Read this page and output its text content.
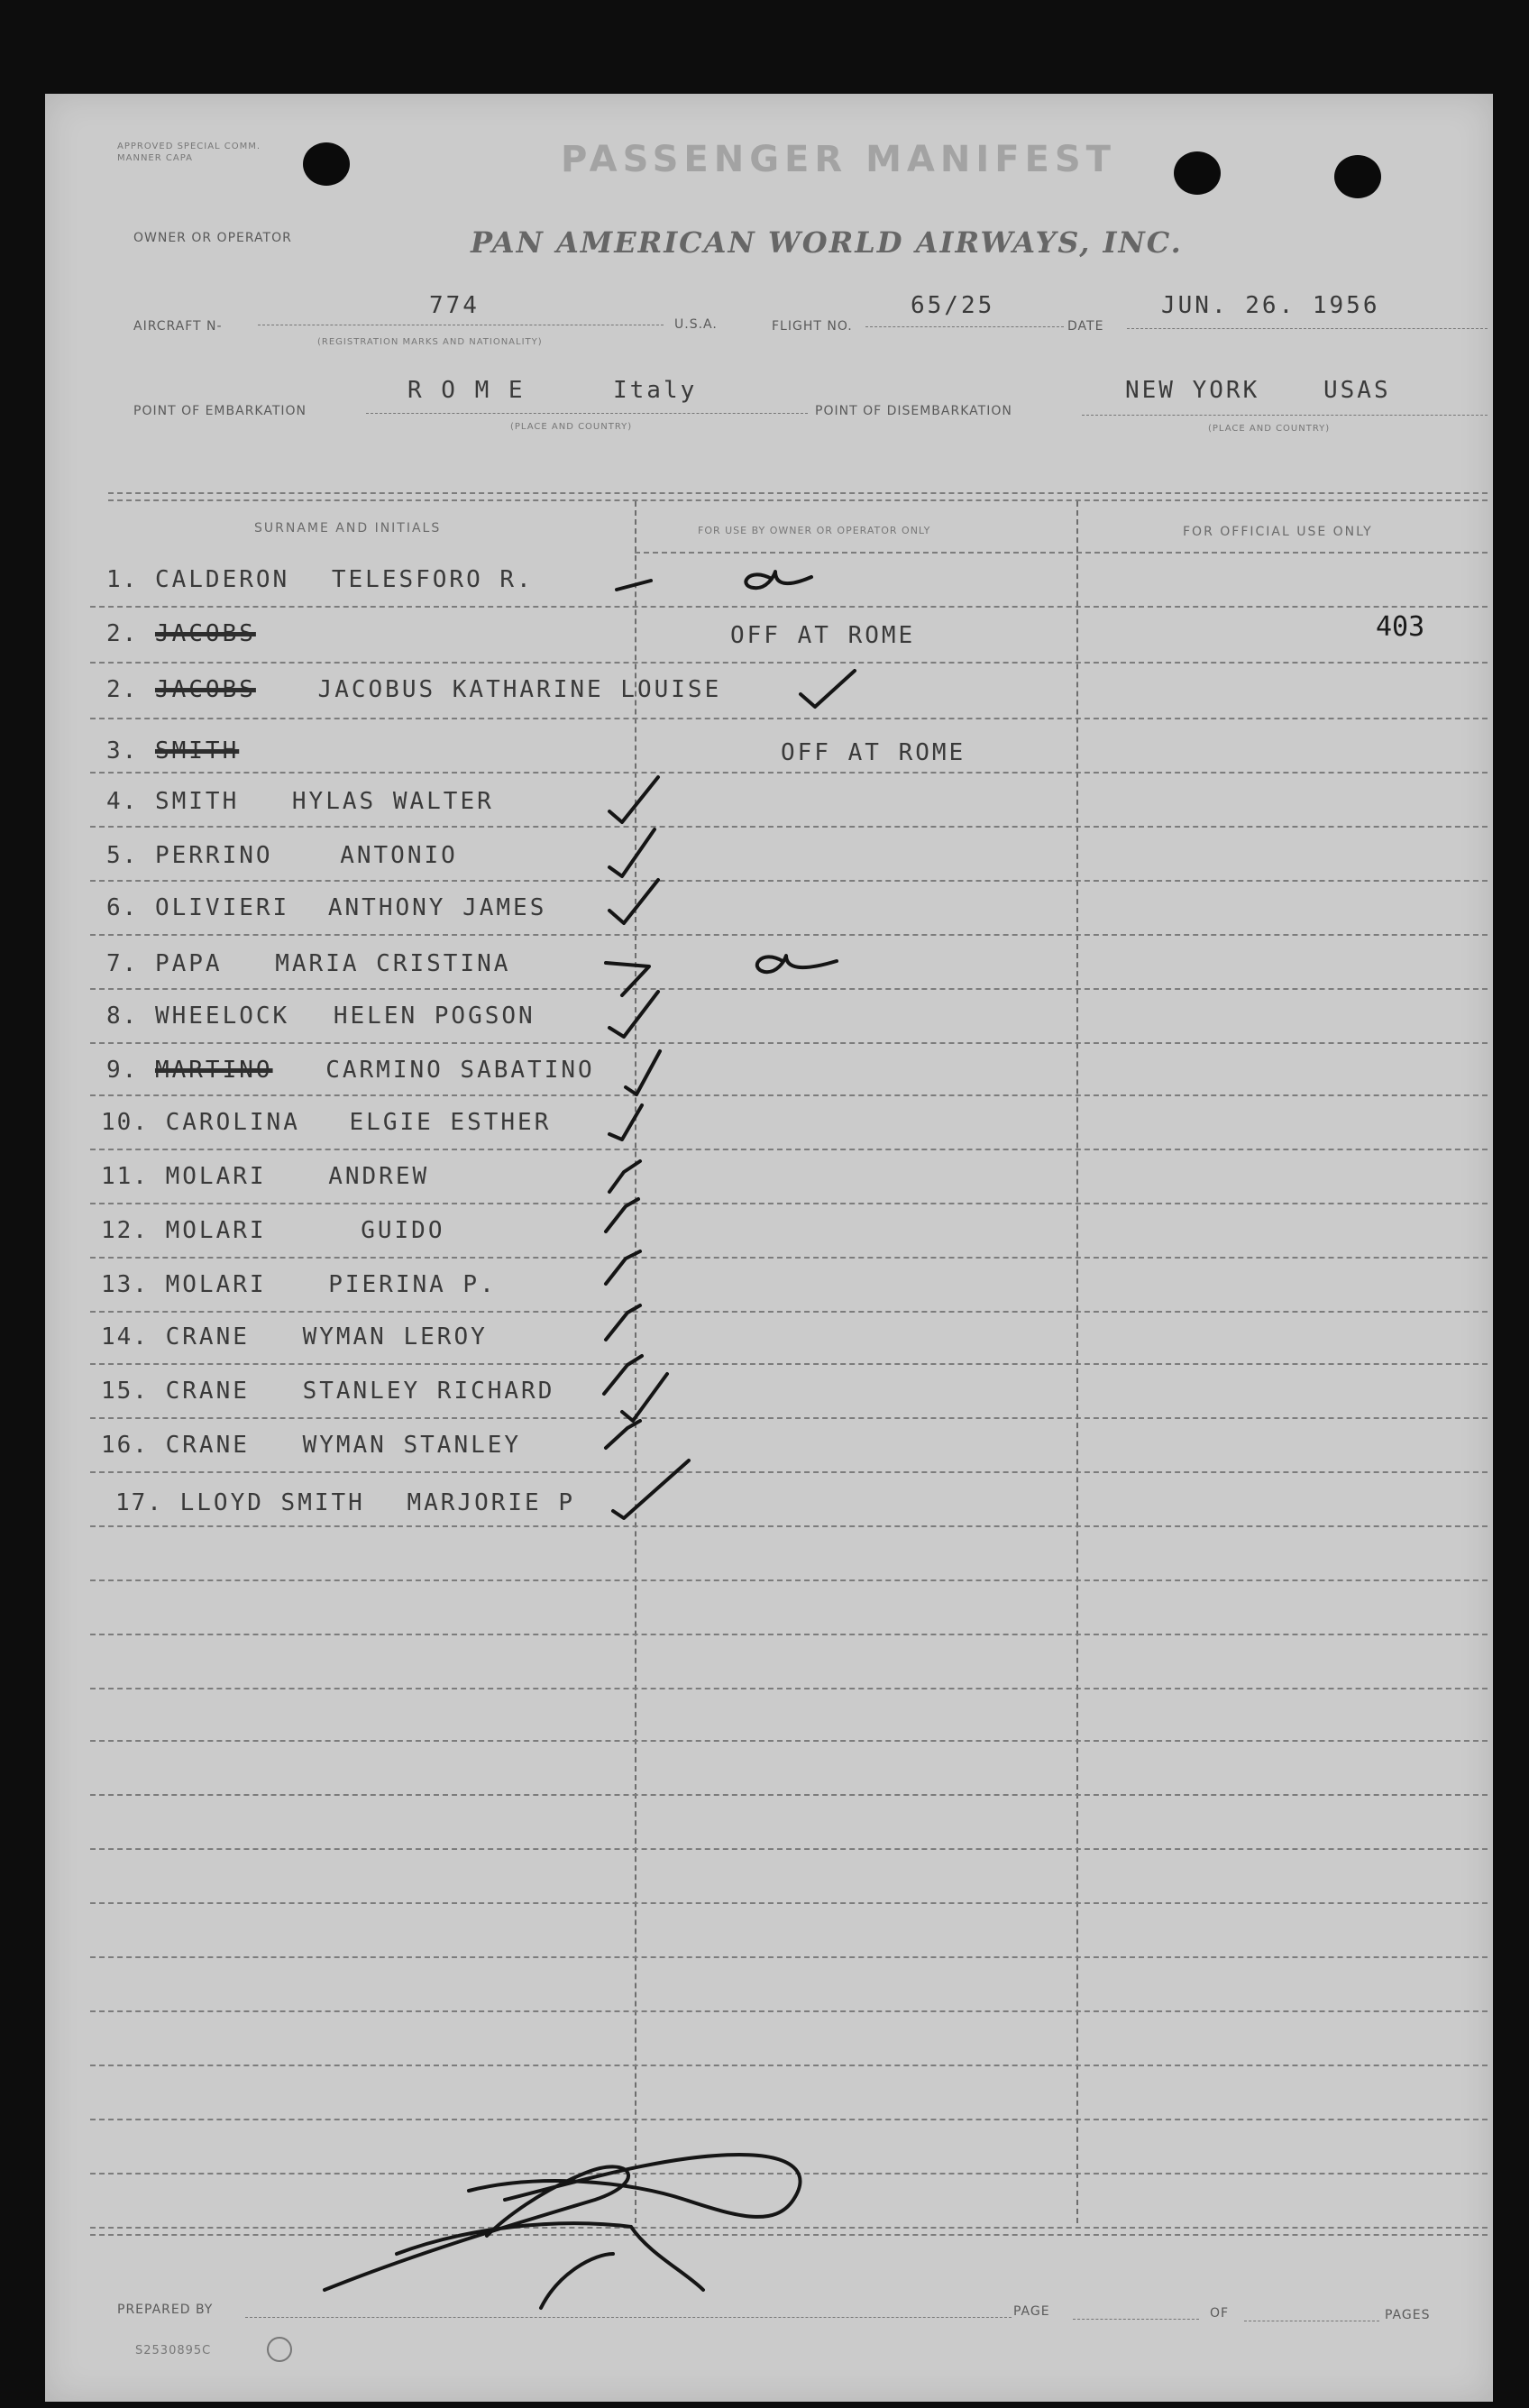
APPROVED SPECIAL COMM. MANNER CAPA	PASSENGER MANIFEST
OWNER OR OPERATOR	PAN AMERICAN WORLD AIRWAYS, INC.
AIRCRAFT N-
774
(REGISTRATION MARKS AND NATIONALITY)
U.S.A.	FLIGHT NO.
65/25
DATE
JUN. 26. 1956
POINT OF EMBARKATION
R O M E	Italy
(PLACE AND COUNTRY)
POINT OF DISEMBARKATION
NEW YORK	USAS
(PLACE AND COUNTRY)
SURNAME AND INITIALS	FOR USE BY OWNER OR OPERATOR ONLY	FOR OFFICIAL USE ONLY
1. CALDERON TELESFORO R.
2. JACOBS	OFF AT ROME	403
2. JACOBS	JACOBUS KATHARINE LOUISE
3. SMITH	OFF AT ROME
4. SMITH HYLAS WALTER
5. PERRINO	ANTONIO
6. OLIVIERI ANTHONY JAMES
7. PAPA MARIA CRISTINA
8. WHEELOCK HELEN POGSON
9. MARTINO CARMINO SABATINO
10. CAROLINA ELGIE ESTHER
11. MOLARI	ANDREW
12. MOLARI	GUIDO
13. MOLARI	PIERINA P.
14. CRANE WYMAN LEROY
15. CRANE STANLEY RICHARD
16. CRANE WYMAN STANLEY
17. LLOYD SMITH MARJORIE P
PREPARED BY	PAGE	OF	PAGES
S2530895C
